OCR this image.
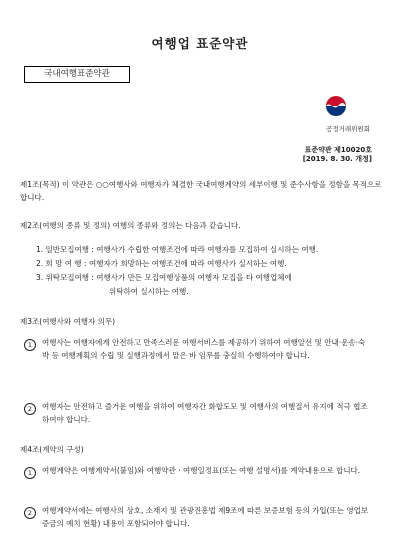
여행업 표준약관
국내여행표준약관
공정거래위원회
표준약관 제10020호
[2019. 8. 30. 개정]
제1조(목적) 이 약관은 ○○여행사와 여행자가 체결한 국내여행계약의 세부이행 및 준수사항을 정함을 목적으로 합니다.
제2조(여행의 종류 및 정의) 여행의 종류와 정의는 다음과 같습니다.
1. 일반모집여행 : 여행사가 수립한 여행조건에 따라 여행자를 모집하여 실시하는 여행.
2. 희 망 여 행 : 여행자가 희망하는 여행조건에 따라 여행사가 실시하는 여행.
3. 위탁모집여행 : 여행사가 만든 모집여행상품의 여행자 모집을 타 여행업체에
위탁하여 실시하는 여행.
제3조(여행사와 여행자 의무)
1	여행사는 여행자에게 안전하고 만족스러운 여행서비스를 제공하기 위하여 여행알선 및 안내·운송·숙박 등 여행계획의 수립 및 실행과정에서 맡은 바 임무를 충실히 수행하여야 합니다.
2	여행자는 안전하고 즐거운 여행을 위하여 여행자간 화합도모 및 여행사의 여행질서 유지에 적극 협조하여야 합니다.
제4조(계약의 구성)
1	여행계약은 여행계약서(붙임)와 여행약관ㆍ여행일정표(또는 여행 설명서)를 계약내용으로 합니다.
2	여행계약서에는 여행사의 상호, 소재지 및 관광진흥법 제9조에 따른 보증보험 등의 가입(또는 영업보증금의 예치 현황) 내용이 포함되어야 합니다.
